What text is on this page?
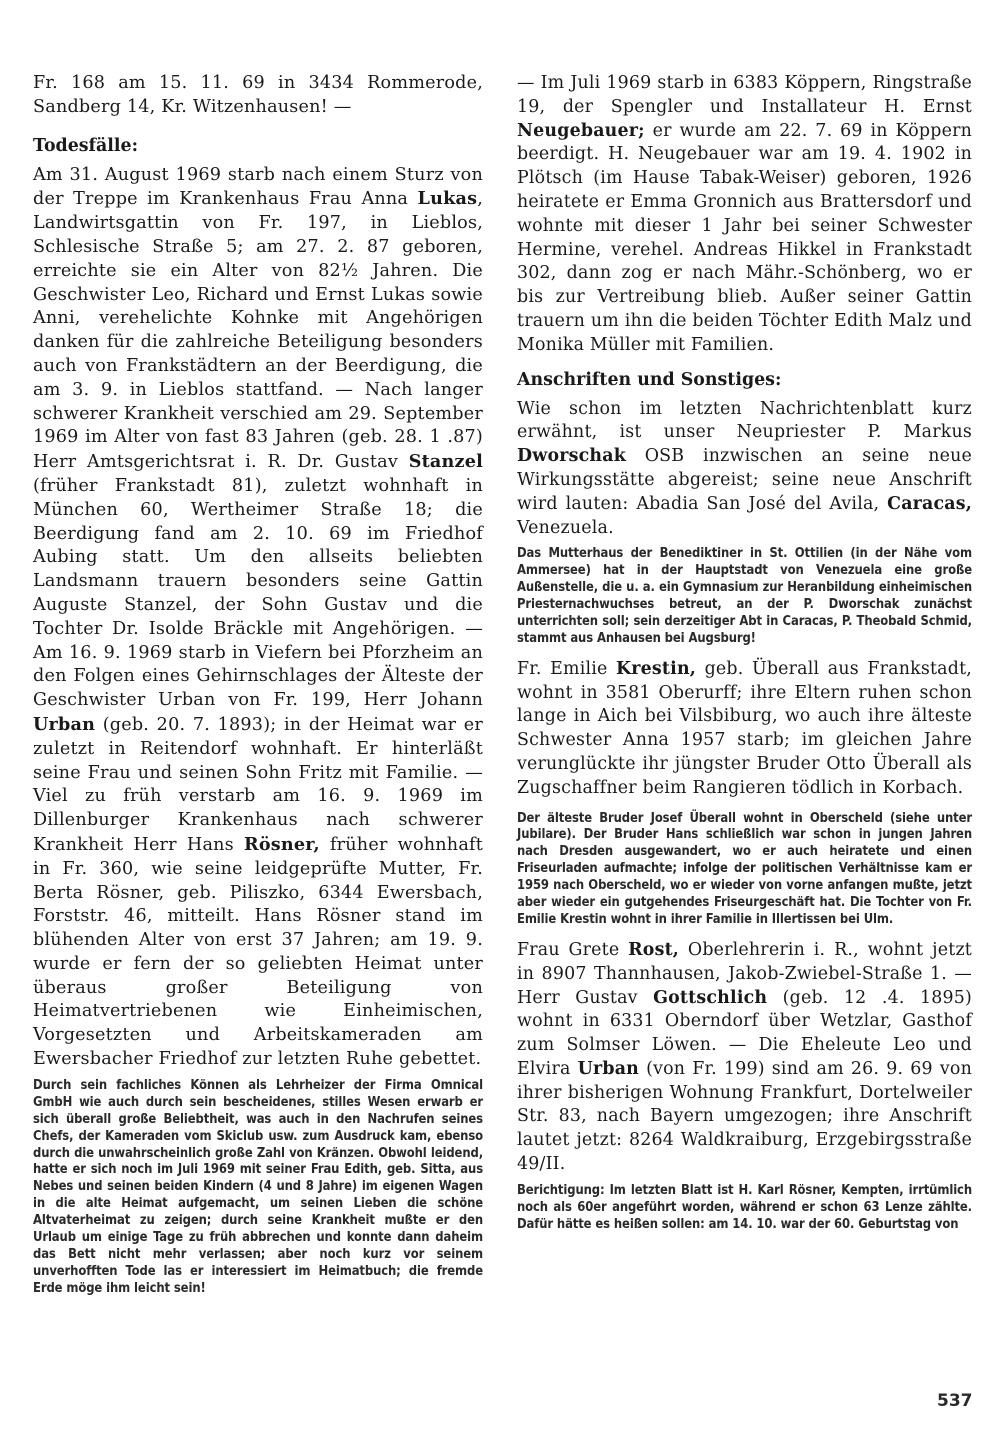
Fr. 168 am 15. 11. 69 in 3434 Rommerode, Sandberg 14, Kr. Witzenhausen! —

Todesfälle:

Am 31. August 1969 starb nach einem Sturz von der Treppe im Krankenhaus Frau Anna Lukas, Landwirtsgattin von Fr. 197, in Lieblos, Schlesische Straße 5; am 27. 2. 87 geboren, erreichte sie ein Alter von 82½ Jahren. Die Geschwister Leo, Richard und Ernst Lukas sowie Anni, verehelichte Kohnke mit Angehörigen danken für die zahlreiche Beteiligung besonders auch von Frankstädtern an der Beerdigung, die am 3. 9. in Lieblos stattfand. — Nach langer schwerer Krankheit verschied am 29. September 1969 im Alter von fast 83 Jahren (geb. 28. 1 .87) Herr Amtsgerichtsrat i. R. Dr. Gustav Stanzel (früher Frankstadt 81), zuletzt wohnhaft in München 60, Wertheimer Straße 18; die Beerdigung fand am 2. 10. 69 im Friedhof Aubing statt. Um den allseits beliebten Landsmann trauern besonders seine Gattin Auguste Stanzel, der Sohn Gustav und die Tochter Dr. Isolde Bräckle mit Angehörigen. — Am 16. 9. 1969 starb in Viefern bei Pforzheim an den Folgen eines Gehirnschlages der Älteste der Geschwister Urban von Fr. 199, Herr Johann Urban (geb. 20. 7. 1893); in der Heimat war er zuletzt in Reitendorf wohnhaft. Er hinterläßt seine Frau und seinen Sohn Fritz mit Familie. — Viel zu früh verstarb am 16. 9. 1969 im Dillenburger Krankenhaus nach schwerer Krankheit Herr Hans Rösner, früher wohnhaft in Fr. 360, wie seine leidgeprüfte Mutter, Fr. Berta Rösner, geb. Piliszko, 6344 Ewersbach, Forststr. 46, mitteilt. Hans Rösner stand im blühenden Alter von erst 37 Jahren; am 19. 9. wurde er fern der so geliebten Heimat unter überaus großer Beteiligung von Heimatvertriebenen wie Einheimischen, Vorgesetzten und Arbeitskameraden am Ewersbacher Friedhof zur letzten Ruhe gebettet.

Durch sein fachliches Können als Lehrheizer der Firma Omnical GmbH wie auch durch sein bescheidenes, stilles Wesen erwarb er sich überall große Beliebtheit, was auch in den Nachrufen seines Chefs, der Kameraden vom Skiclub usw. zum Ausdruck kam, ebenso durch die unwahrscheinlich große Zahl von Kränzen. Obwohl leidend, hatte er sich noch im Juli 1969 mit seiner Frau Edith, geb. Sitta, aus Nebes und seinen beiden Kindern (4 und 8 Jahre) im eigenen Wagen in die alte Heimat aufgemacht, um seinen Lieben die schöne Altvaterheimat zu zeigen; durch seine Krankheit mußte er den Urlaub um einige Tage zu früh abbrechen und konnte dann daheim das Bett nicht mehr verlassen; aber noch kurz vor seinem unverhofften Tode las er interessiert im Heimatbuch; die fremde Erde möge ihm leicht sein!

— Im Juli 1969 starb in 6383 Köppern, Ringstraße 19, der Spengler und Installateur H. Ernst Neugebauer; er wurde am 22. 7. 69 in Köppern beerdigt. H. Neugebauer war am 19. 4. 1902 in Plötsch (im Hause Tabak-Weiser) geboren, 1926 heiratete er Emma Gronnich aus Brattersdorf und wohnte mit dieser 1 Jahr bei seiner Schwester Hermine, verehel. Andreas Hikkel in Frankstadt 302, dann zog er nach Mähr.-Schönberg, wo er bis zur Vertreibung blieb. Außer seiner Gattin trauern um ihn die beiden Töchter Edith Malz und Monika Müller mit Familien.

Anschriften und Sonstiges:

Wie schon im letzten Nachrichtenblatt kurz erwähnt, ist unser Neupriester P. Markus Dworschak OSB inzwischen an seine neue Wirkungsstätte abgereist; seine neue Anschrift wird lauten: Abadia San José del Avila, Caracas, Venezuela.

Das Mutterhaus der Benediktiner in St. Ottilien (in der Nähe vom Ammersee) hat in der Hauptstadt von Venezuela eine große Außenstelle, die u. a. ein Gymnasium zur Heranbildung einheimischen Priesternachwuchses betreut, an der P. Dworschak zunächst unterrichten soll; sein derzeitiger Abt in Caracas, P. Theobald Schmid, stammt aus Anhausen bei Augsburg!

Fr. Emilie Krestin, geb. Überall aus Frankstadt, wohnt in 3581 Oberurff; ihre Eltern ruhen schon lange in Aich bei Vilsbiburg, wo auch ihre älteste Schwester Anna 1957 starb; im gleichen Jahre verunglückte ihr jüngster Bruder Otto Überall als Zugschaffner beim Rangieren tödlich in Korbach.

Der älteste Bruder Josef Überall wohnt in Oberscheld (siehe unter Jubilare). Der Bruder Hans schließlich war schon in jungen Jahren nach Dresden ausgewandert, wo er auch heiratete und einen Friseurladen aufmachte; infolge der politischen Verhältnisse kam er 1959 nach Oberscheld, wo er wieder von vorne anfangen mußte, jetzt aber wieder ein gutgehendes Friseurgeschäft hat. Die Tochter von Fr. Emilie Krestin wohnt in ihrer Familie in Illertissen bei Ulm.

Frau Grete Rost, Oberlehrerin i. R., wohnt jetzt in 8907 Thannhausen, Jakob-Zwiebel-Straße 1. — Herr Gustav Gottschlich (geb. 12 .4. 1895) wohnt in 6331 Oberndorf über Wetzlar, Gasthof zum Solmser Löwen. — Die Eheleute Leo und Elvira Urban (von Fr. 199) sind am 26. 9. 69 von ihrer bisherigen Wohnung Frankfurt, Dortelweiler Str. 83, nach Bayern umgezogen; ihre Anschrift lautet jetzt: 8264 Waldkraiburg, Erzgebirgsstraße 49/II.

Berichtigung: Im letzten Blatt ist H. Karl Rösner, Kempten, irrtümlich noch als 60er angeführt worden, während er schon 63 Lenze zählte. Dafür hätte es heißen sollen: am 14. 10. war der 60. Geburtstag von

537
